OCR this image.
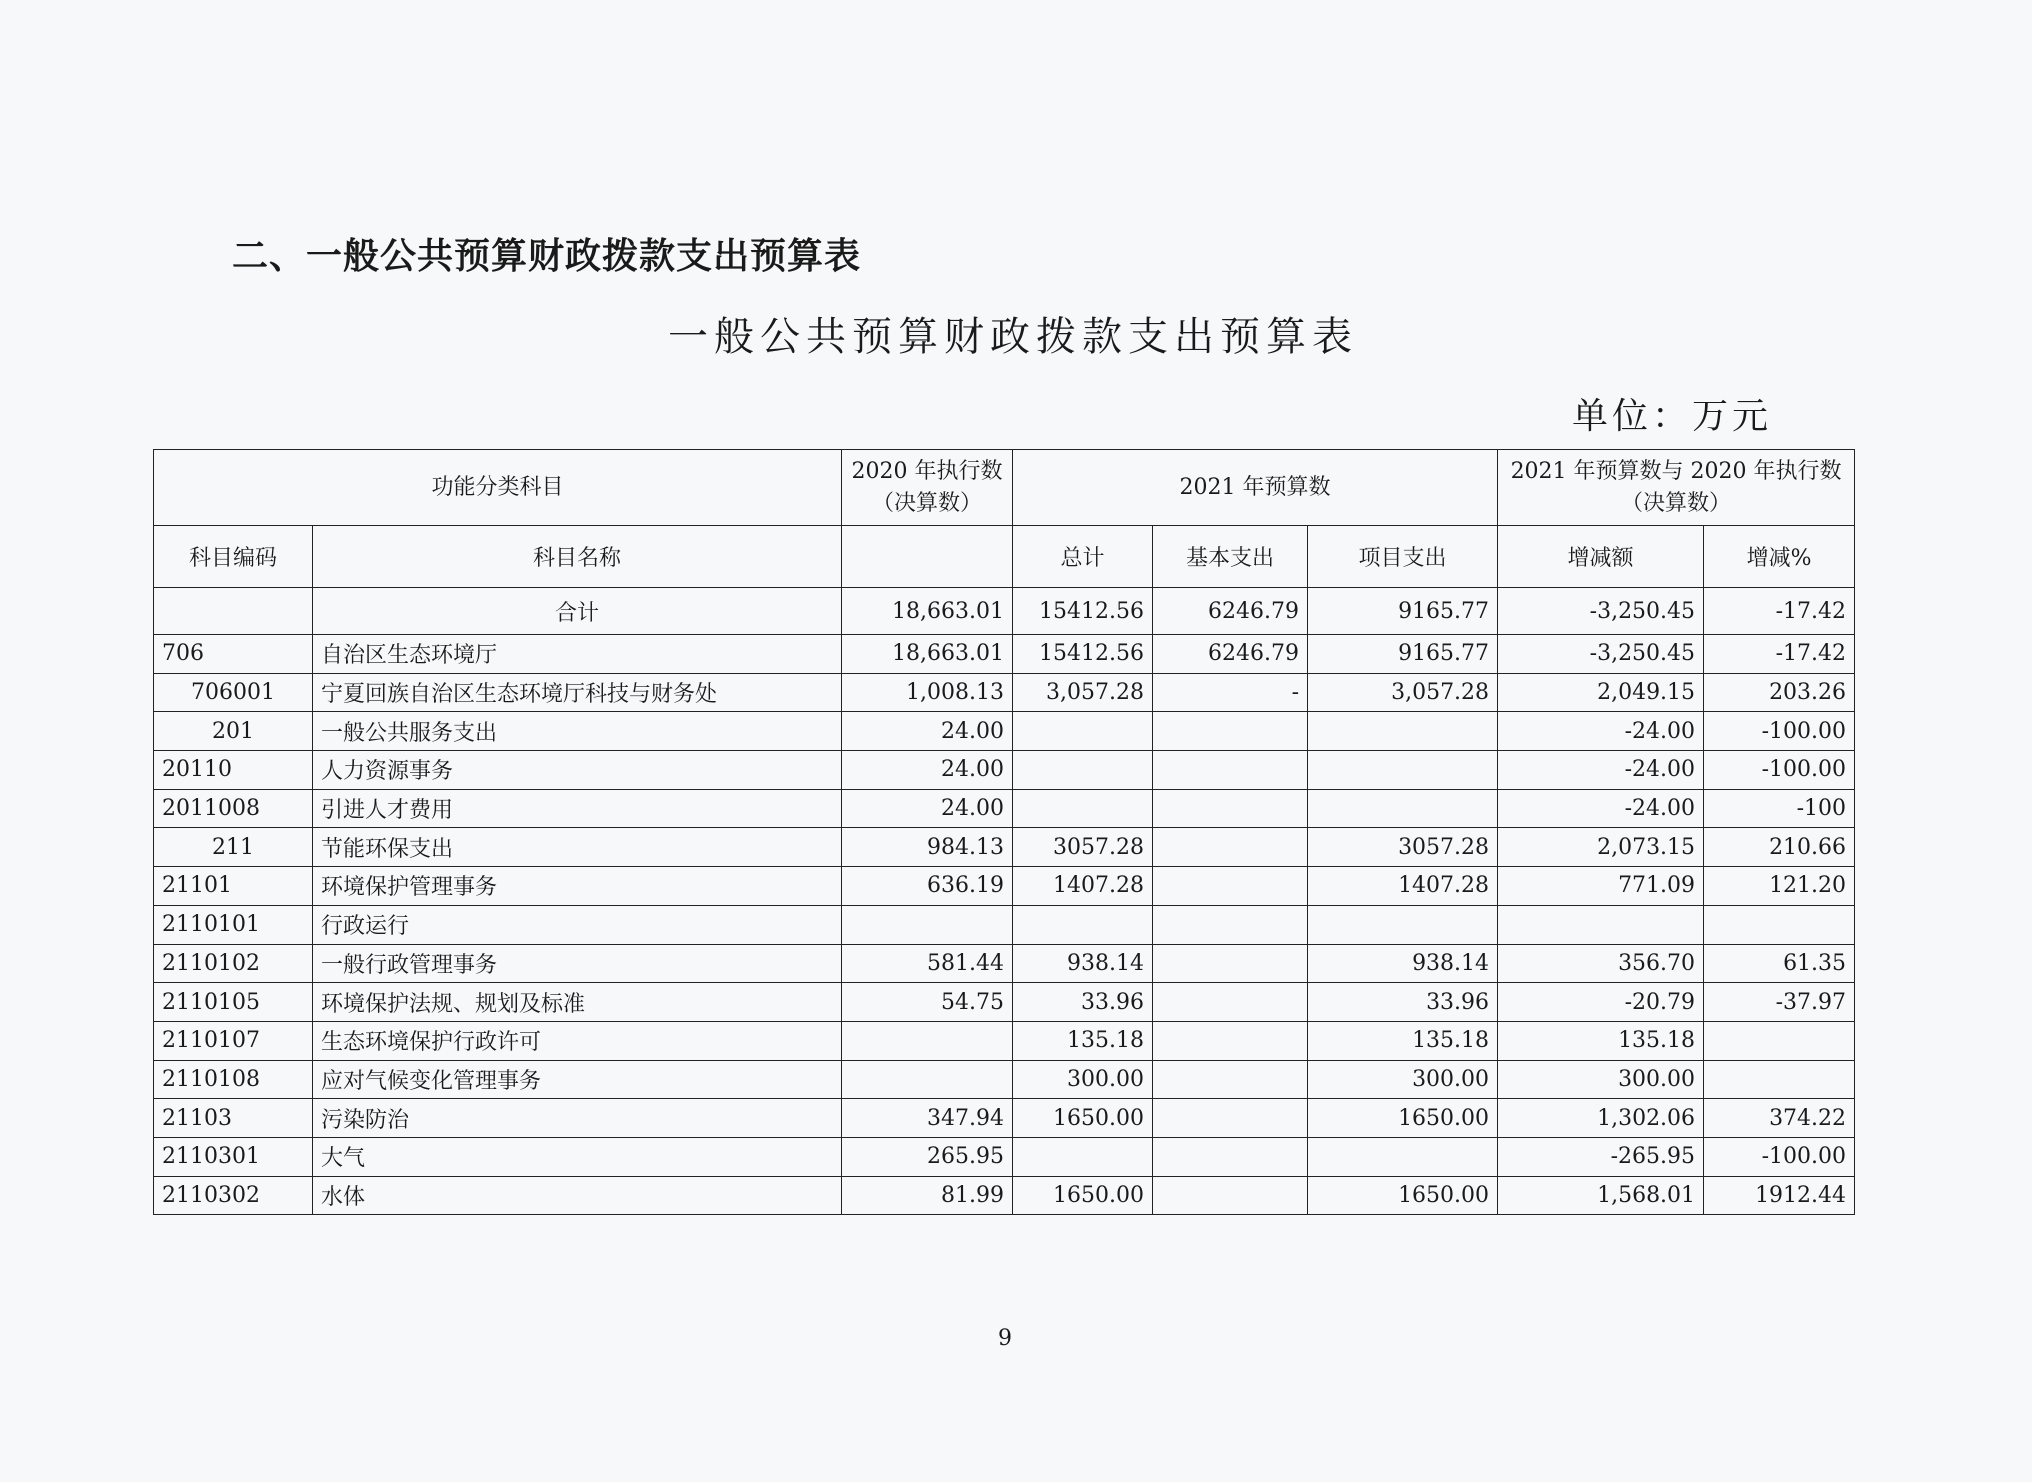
二、一般公共预算财政拨款支出预算表
一般公共预算财政拨款支出预算表
单位：万元
功能分类科目		2020 年执行数（决算数）	2021 年预算数			2021 年预算数与 2020 年执行数（决算数）	
科目编码	科目名称		总计	基本支出	项目支出	增减额	增减%
	合计	18,663.01	15412.56	6246.79	9165.77	-3,250.45	-17.42
706	自治区生态环境厅	18,663.01	15412.56	6246.79	9165.77	-3,250.45	-17.42
706001	宁夏回族自治区生态环境厅科技与财务处	1,008.13	3,057.28	-	3,057.28	2,049.15	203.26
201	一般公共服务支出	24.00				-24.00	-100.00
20110	人力资源事务	24.00				-24.00	-100.00
2011008	引进人才费用	24.00				-24.00	-100
211	节能环保支出	984.13	3057.28		3057.28	2,073.15	210.66
21101	环境保护管理事务	636.19	1407.28		1407.28	771.09	121.20
2110101	行政运行						
2110102	一般行政管理事务	581.44	938.14		938.14	356.70	61.35
2110105	环境保护法规、规划及标准	54.75	33.96		33.96	-20.79	-37.97
2110107	生态环境保护行政许可		135.18		135.18	135.18	
2110108	应对气候变化管理事务		300.00		300.00	300.00	
21103	污染防治	347.94	1650.00		1650.00	1,302.06	374.22
2110301	大气	265.95				-265.95	-100.00
2110302	水体	81.99	1650.00		1650.00	1,568.01	1912.44
9
